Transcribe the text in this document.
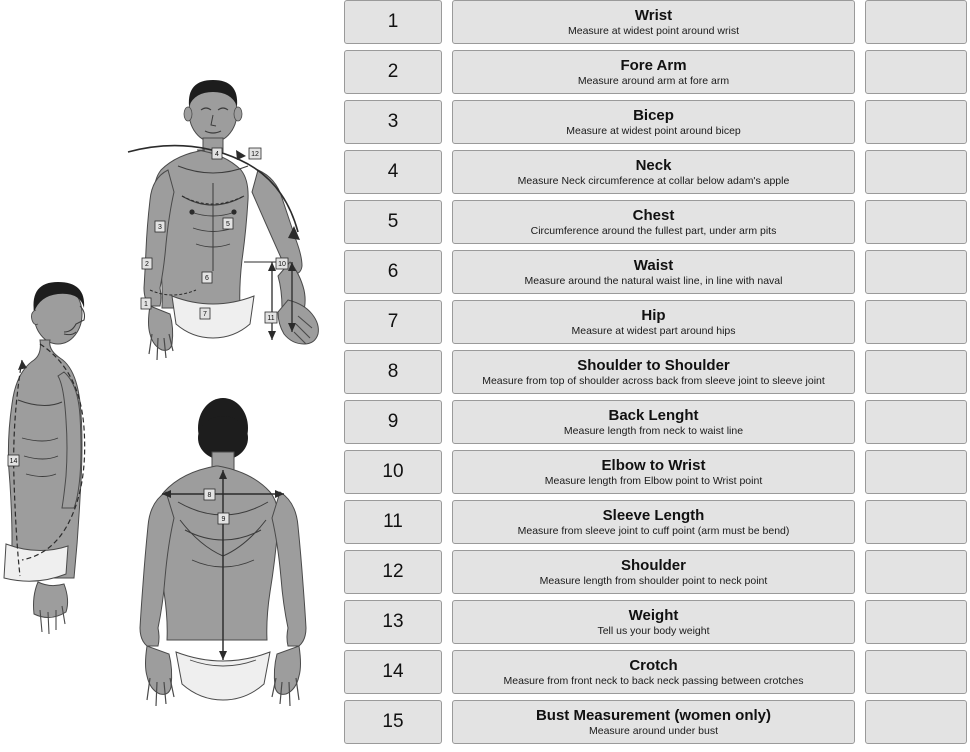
1
2
3
4
5
6
7
10
11
12
8
9
14
1	Wrist
Measure at widest point around wrist
2	Fore Arm
Measure around arm at fore arm
3	Bicep
Measure at widest point around bicep
4	Neck
Measure Neck circumference at collar below adam's apple
5	Chest
Circumference around the fullest part, under arm pits
6	Waist
Measure around the natural waist line, in line with naval
7	Hip
Measure at widest part around hips
8	Shoulder to Shoulder
Measure from top of shoulder across back from sleeve joint to sleeve joint
9	Back Lenght
Measure length from neck to waist line
10	Elbow to Wrist
Measure length from Elbow point to Wrist point
11	Sleeve Length
Measure from sleeve joint to cuff point (arm must be bend)
12	Shoulder
Measure length from shoulder point to neck point
13	Weight
Tell us your body weight
14	Crotch
Measure from front neck to back neck passing between crotches
15	Bust Measurement (women only)
Measure around under bust
